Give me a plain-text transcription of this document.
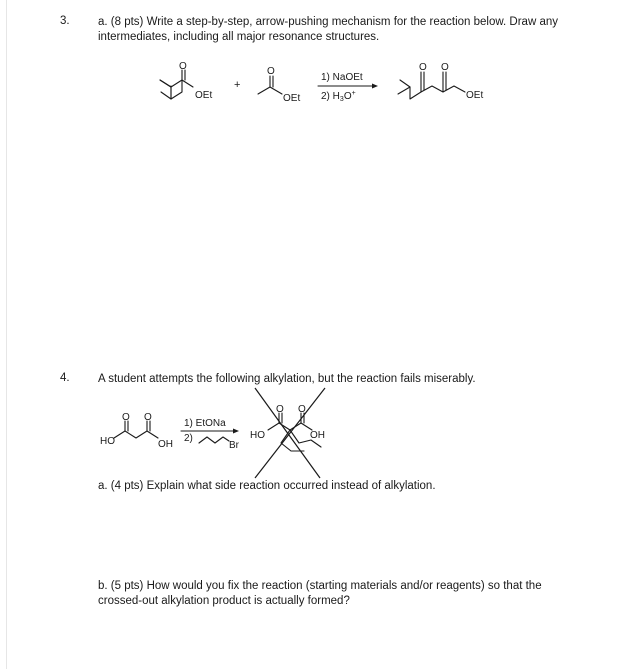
3. a. (8 pts) Write a step-by-step, arrow-pushing mechanism for the reaction below. Draw any intermediates, including all major resonance structures.
4. A student attempts the following alkylation, but the reaction fails miserably.
a. (4 pts) Explain what side reaction occurred instead of alkylation.
b. (5 pts) How would you fix the reaction (starting materials and/or reagents) so that the crossed-out alkylation product is actually formed?
O
OEt
+
O
OEt
1) NaOEt
2) $H_3O^+$
O O
OEt
O O
HO	OH
1) EtONa
2)
Br
O O
HO	OH
